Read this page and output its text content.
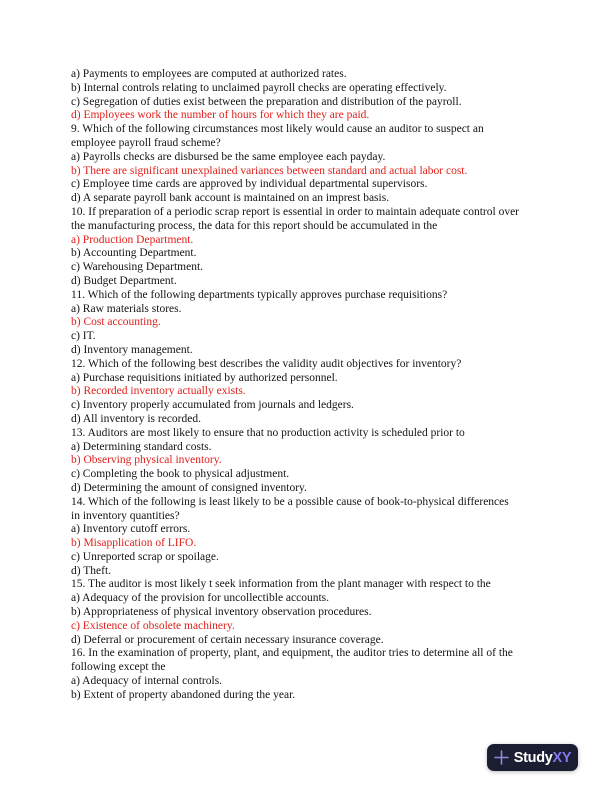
a) Payments to employees are computed at authorized rates.
b) Internal controls relating to unclaimed payroll checks are operating effectively.
c) Segregation of duties exist between the preparation and distribution of the payroll.
d) Employees work the number of hours for which they are paid.
9. Which of the following circumstances most likely would cause an auditor to suspect an
employee payroll fraud scheme?
a) Payrolls checks are disbursed be the same employee each payday.
b) There are significant unexplained variances between standard and actual labor cost.
c) Employee time cards are approved by individual departmental supervisors.
d) A separate payroll bank account is maintained on an imprest basis.
10. If preparation of a periodic scrap report is essential in order to maintain adequate control over
the manufacturing process, the data for this report should be accumulated in the
a) Production Department.
b) Accounting Department.
c) Warehousing Department.
d) Budget Department.
11. Which of the following departments typically approves purchase requisitions?
a) Raw materials stores.
b) Cost accounting.
c) IT.
d) Inventory management.
12. Which of the following best describes the validity audit objectives for inventory?
a) Purchase requisitions initiated by authorized personnel.
b) Recorded inventory actually exists.
c) Inventory properly accumulated from journals and ledgers.
d) All inventory is recorded.
13. Auditors are most likely to ensure that no production activity is scheduled prior to
a) Determining standard costs.
b) Observing physical inventory.
c) Completing the book to physical adjustment.
d) Determining the amount of consigned inventory.
14. Which of the following is least likely to be a possible cause of book-to-physical differences
in inventory quantities?
a) Inventory cutoff errors.
b) Misapplication of LIFO.
c) Unreported scrap or spoilage.
d) Theft.
15. The auditor is most likely t seek information from the plant manager with respect to the
a) Adequacy of the provision for uncollectible accounts.
b) Appropriateness of physical inventory observation procedures.
c) Existence of obsolete machinery.
d) Deferral or procurement of certain necessary insurance coverage.
16. In the examination of property, plant, and equipment, the auditor tries to determine all of the
following except the
a) Adequacy of internal controls.
b) Extent of property abandoned during the year.
StudyXY
